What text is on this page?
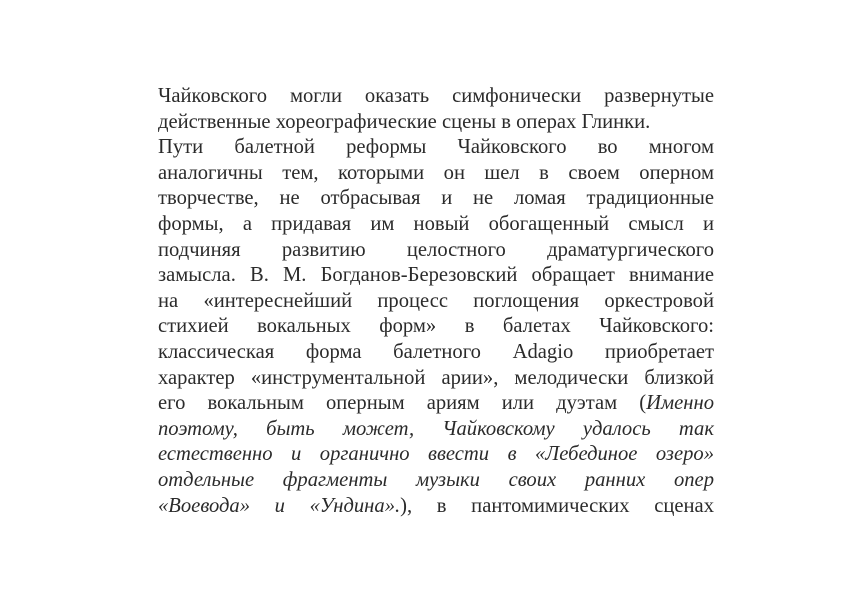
Чайковского могли оказать симфонически развернутые
действенные хореографические сцены в операх Глинки.
Пути балетной реформы Чайковского во многом
аналогичны тем, которыми он шел в своем оперном
творчестве, не отбрасывая и не ломая традиционные
формы, а придавая им новый обогащенный смысл и
подчиняя развитию целостного драматургического
замысла. В. М. Богданов-Березовский обращает внимание
на «интереснейший процесс поглощения оркестровой
стихией вокальных форм» в балетах Чайковского:
классическая форма балетного Adagio приобретает
характер «инструментальной арии», мелодически близкой
его вокальным оперным ариям или дуэтам (Именно
поэтому, быть может, Чайковскому удалось так
естественно и органично ввести в «Лебединое озеро»
отдельные фрагменты музыки своих ранних опер
«Воевода» и «Ундина».), в пантомимических сценах
